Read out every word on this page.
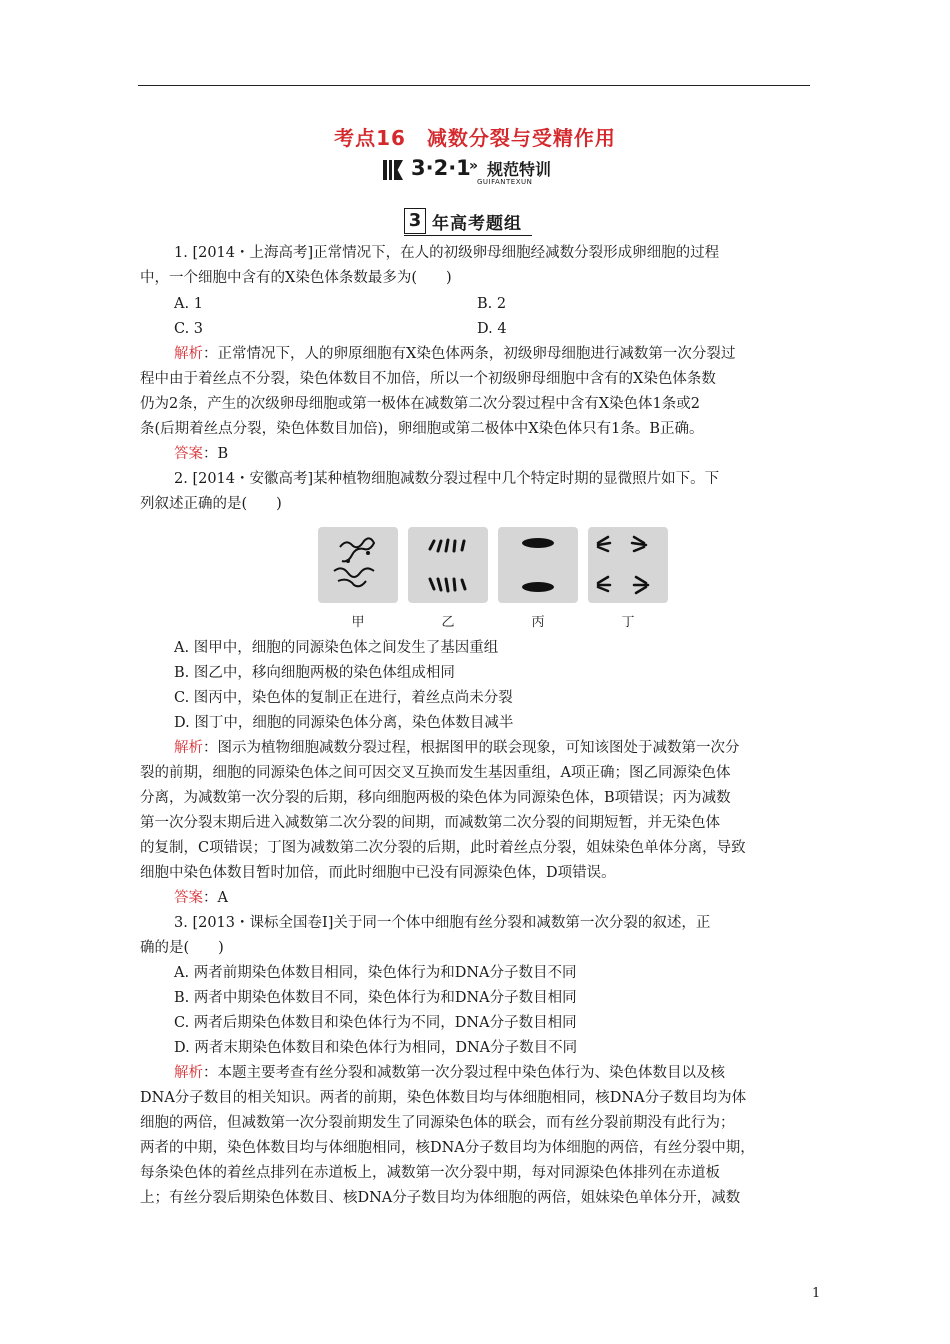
考点16　减数分裂与受精作用
3·2·1
» 规范特训
GUIFANTEXUN
3 年高考题组
1. [2014・上海高考]正常情况下，在人的初级卵母细胞经减数分裂形成卵细胞的过程
中，一个细胞中含有的X染色体条数最多为(　　)
A. 1	B. 2
C. 3	D. 4
解析：正常情况下，人的卵原细胞有X染色体两条，初级卵母细胞进行减数第一次分裂过
程中由于着丝点不分裂，染色体数目不加倍，所以一个初级卵母细胞中含有的X染色体条数
仍为2条，产生的次级卵母细胞或第一极体在减数第二次分裂过程中含有X染色体1条或2
条(后期着丝点分裂，染色体数目加倍)，卵细胞或第二极体中X染色体只有1条。B正确。
答案：B
2. [2014・安徽高考]某种植物细胞减数分裂过程中几个特定时期的显微照片如下。下
列叙述正确的是(　　)
甲	乙	丙	丁
A. 图甲中，细胞的同源染色体之间发生了基因重组
B. 图乙中，移向细胞两极的染色体组成相同
C. 图丙中，染色体的复制正在进行，着丝点尚未分裂
D. 图丁中，细胞的同源染色体分离，染色体数目减半
解析：图示为植物细胞减数分裂过程，根据图甲的联会现象，可知该图处于减数第一次分
裂的前期，细胞的同源染色体之间可因交叉互换而发生基因重组，A项正确；图乙同源染色体
分离，为减数第一次分裂的后期，移向细胞两极的染色体为同源染色体，B项错误；丙为减数
第一次分裂末期后进入减数第二次分裂的间期，而减数第二次分裂的间期短暂，并无染色体
的复制，C项错误；丁图为减数第二次分裂的后期，此时着丝点分裂，姐妹染色单体分离，导致
细胞中染色体数目暂时加倍，而此时细胞中已没有同源染色体，D项错误。
答案：A
3. [2013・课标全国卷Ⅰ]关于同一个体中细胞有丝分裂和减数第一次分裂的叙述，正
确的是(　　)
A. 两者前期染色体数目相同，染色体行为和DNA分子数目不同
B. 两者中期染色体数目不同，染色体行为和DNA分子数目相同
C. 两者后期染色体数目和染色体行为不同，DNA分子数目相同
D. 两者末期染色体数目和染色体行为相同，DNA分子数目不同
解析：本题主要考查有丝分裂和减数第一次分裂过程中染色体行为、染色体数目以及核
DNA分子数目的相关知识。两者的前期，染色体数目均与体细胞相同，核DNA分子数目均为体
细胞的两倍，但减数第一次分裂前期发生了同源染色体的联会，而有丝分裂前期没有此行为；
两者的中期，染色体数目均与体细胞相同，核DNA分子数目均为体细胞的两倍，有丝分裂中期，
每条染色体的着丝点排列在赤道板上，减数第一次分裂中期，每对同源染色体排列在赤道板
上；有丝分裂后期染色体数目、核DNA分子数目均为体细胞的两倍，姐妹染色单体分开，减数
1
